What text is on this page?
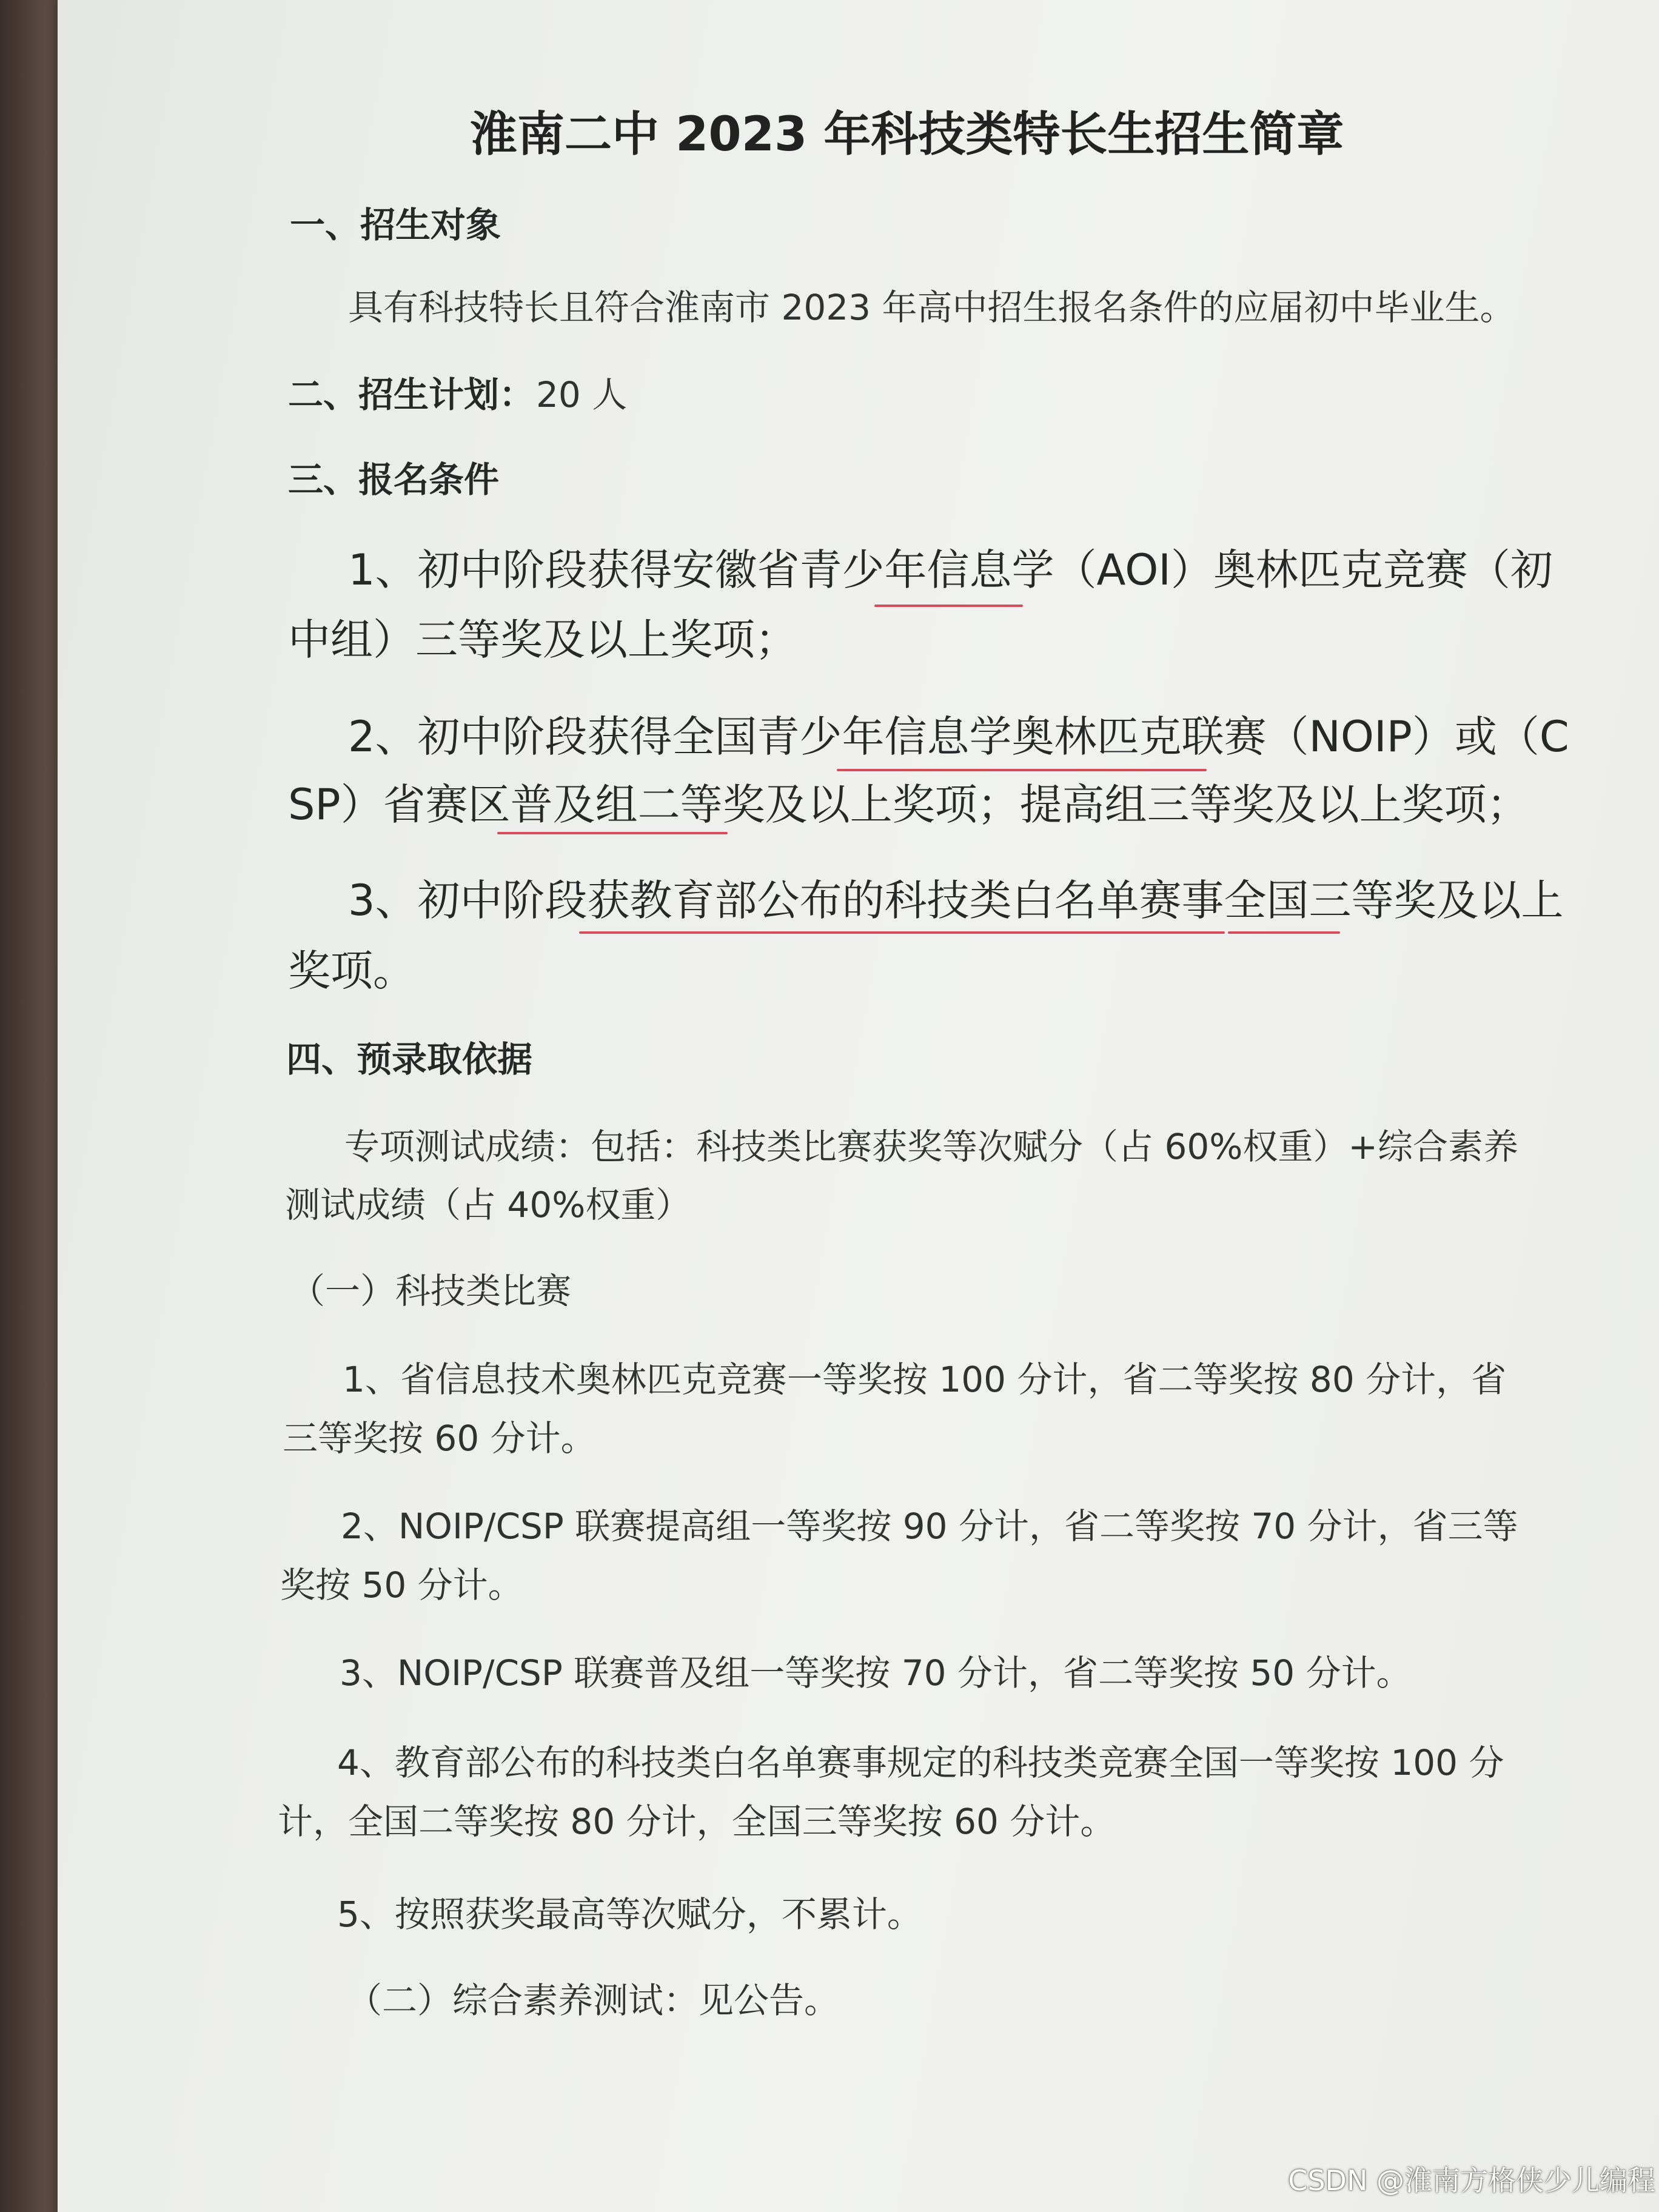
淮南二中 2023 年科技类特长生招生简章
一、招生对象
具有科技特长且符合淮南市 2023 年高中招生报名条件的应届初中毕业生。
二、招生计划： 20 人
三、报名条件
1、初中阶段获得安徽省青少年信息学（AOI）奥林匹克竞赛（初
中组）三等奖及以上奖项；
2、初中阶段获得全国青少年信息学奥林匹克联赛（NOIP）或（C
SP）省赛区普及组二等奖及以上奖项；提高组三等奖及以上奖项；
3、初中阶段获教育部公布的科技类白名单赛事全国三等奖及以上
奖项。
四、预录取依据
专项测试成绩：包括：科技类比赛获奖等次赋分（占 60%权重）+综合素养
测试成绩（占 40%权重）
（一）科技类比赛
1、省信息技术奥林匹克竞赛一等奖按 100 分计，省二等奖按 80 分计，省
三等奖按 60 分计。
2、NOIP/CSP 联赛提高组一等奖按 90 分计，省二等奖按 70 分计，省三等
奖按 50 分计。
3、NOIP/CSP 联赛普及组一等奖按 70 分计，省二等奖按 50 分计。
4、教育部公布的科技类白名单赛事规定的科技类竞赛全国一等奖按 100 分
计，全国二等奖按 80 分计，全国三等奖按 60 分计。
5、按照获奖最高等次赋分，不累计。
（二）综合素养测试：见公告。
CSDN @淮南方格侠少儿编程
